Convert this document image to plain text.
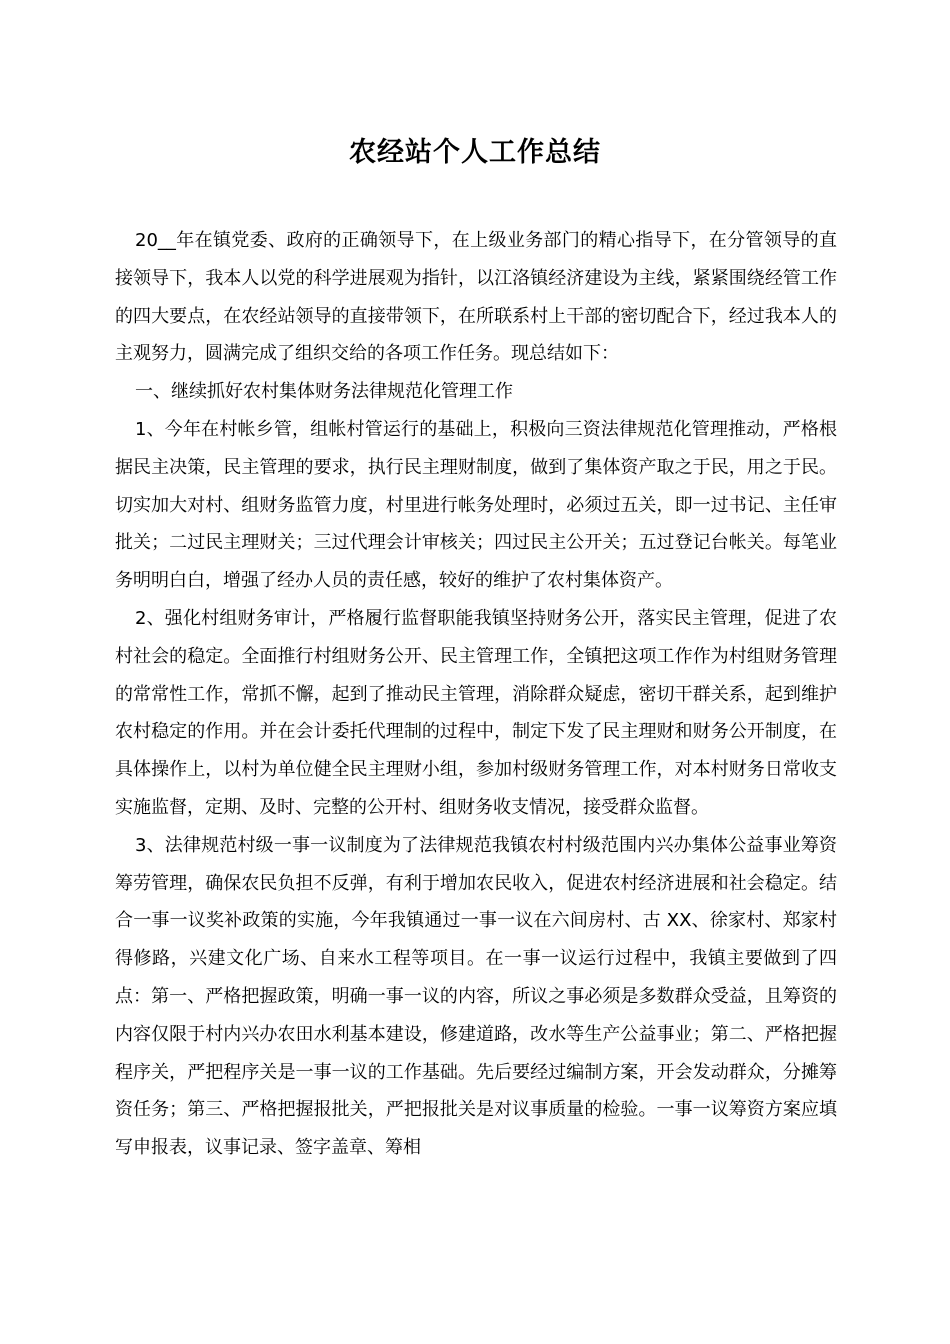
农经站个人工作总结

20__年在镇党委、政府的正确领导下，在上级业务部门的精心指导下，在分管领导的直接领导下，我本人以党的科学进展观为指针，以江洛镇经济建设为主线，紧紧围绕经管工作的四大要点，在农经站领导的直接带领下，在所联系村上干部的密切配合下，经过我本人的主观努力，圆满完成了组织交给的各项工作任务。现总结如下：

一、继续抓好农村集体财务法律规范化管理工作

1、今年在村帐乡管，组帐村管运行的基础上，积极向三资法律规范化管理推动，严格根据民主决策，民主管理的要求，执行民主理财制度，做到了集体资产取之于民，用之于民。切实加大对村、组财务监管力度，村里进行帐务处理时，必须过五关，即一过书记、主任审批关；二过民主理财关；三过代理会计审核关；四过民主公开关；五过登记台帐关。每笔业务明明白白，增强了经办人员的责任感，较好的维护了农村集体资产。

2、强化村组财务审计，严格履行监督职能我镇坚持财务公开，落实民主管理，促进了农村社会的稳定。全面推行村组财务公开、民主管理工作，全镇把这项工作作为村组财务管理的常常性工作，常抓不懈，起到了推动民主管理，消除群众疑虑，密切干群关系，起到维护农村稳定的作用。并在会计委托代理制的过程中，制定下发了民主理财和财务公开制度，在具体操作上，以村为单位健全民主理财小组，参加村级财务管理工作，对本村财务日常收支实施监督，定期、及时、完整的公开村、组财务收支情况，接受群众监督。

3、法律规范村级一事一议制度为了法律规范我镇农村村级范围内兴办集体公益事业筹资筹劳管理，确保农民负担不反弹，有利于增加农民收入，促进农村经济进展和社会稳定。结合一事一议奖补政策的实施，今年我镇通过一事一议在六间房村、古 XX、徐家村、郑家村得修路，兴建文化广场、自来水工程等项目。在一事一议运行过程中，我镇主要做到了四点：第一、严格把握政策，明确一事一议的内容，所议之事必须是多数群众受益，且筹资的内容仅限于村内兴办农田水利基本建设，修建道路，改水等生产公益事业；第二、严格把握程序关，严把程序关是一事一议的工作基础。先后要经过编制方案，开会发动群众，分摊筹资任务；第三、严格把握报批关，严把报批关是对议事质量的检验。一事一议筹资方案应填写申报表，议事记录、签字盖章、筹相
